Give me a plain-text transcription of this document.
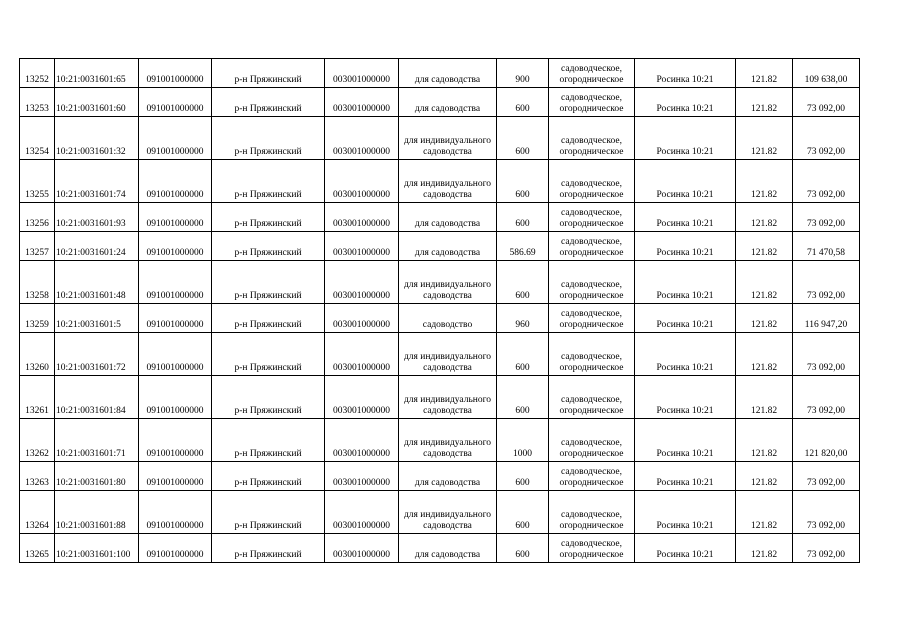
13252	10:21:0031601:65	091001000000	р-н Пряжинский	003001000000	для садоводства	900	садоводческое, огородническое	Росинка 10:21	121.82	109 638,00
13253	10:21:0031601:60	091001000000	р-н Пряжинский	003001000000	для садоводства	600	садоводческое, огородническое	Росинка 10:21	121.82	73 092,00
13254	10:21:0031601:32	091001000000	р-н Пряжинский	003001000000	для индивидуального садоводства	600	садоводческое, огородническое	Росинка 10:21	121.82	73 092,00
13255	10:21:0031601:74	091001000000	р-н Пряжинский	003001000000	для индивидуального садоводства	600	садоводческое, огородническое	Росинка 10:21	121.82	73 092,00
13256	10:21:0031601:93	091001000000	р-н Пряжинский	003001000000	для садоводства	600	садоводческое, огородническое	Росинка 10:21	121.82	73 092,00
13257	10:21:0031601:24	091001000000	р-н Пряжинский	003001000000	для садоводства	586.69	садоводческое, огородническое	Росинка 10:21	121.82	71 470,58
13258	10:21:0031601:48	091001000000	р-н Пряжинский	003001000000	для индивидуального садоводства	600	садоводческое, огородническое	Росинка 10:21	121.82	73 092,00
13259	10:21:0031601:5	091001000000	р-н Пряжинский	003001000000	садоводство	960	садоводческое, огородническое	Росинка 10:21	121.82	116 947,20
13260	10:21:0031601:72	091001000000	р-н Пряжинский	003001000000	для индивидуального садоводства	600	садоводческое, огородническое	Росинка 10:21	121.82	73 092,00
13261	10:21:0031601:84	091001000000	р-н Пряжинский	003001000000	для индивидуального садоводства	600	садоводческое, огородническое	Росинка 10:21	121.82	73 092,00
13262	10:21:0031601:71	091001000000	р-н Пряжинский	003001000000	для индивидуального садоводства	1000	садоводческое, огородническое	Росинка 10:21	121.82	121 820,00
13263	10:21:0031601:80	091001000000	р-н Пряжинский	003001000000	для садоводства	600	садоводческое, огородническое	Росинка 10:21	121.82	73 092,00
13264	10:21:0031601:88	091001000000	р-н Пряжинский	003001000000	для индивидуального садоводства	600	садоводческое, огородническое	Росинка 10:21	121.82	73 092,00
13265	10:21:0031601:100	091001000000	р-н Пряжинский	003001000000	для садоводства	600	садоводческое, огородническое	Росинка 10:21	121.82	73 092,00
